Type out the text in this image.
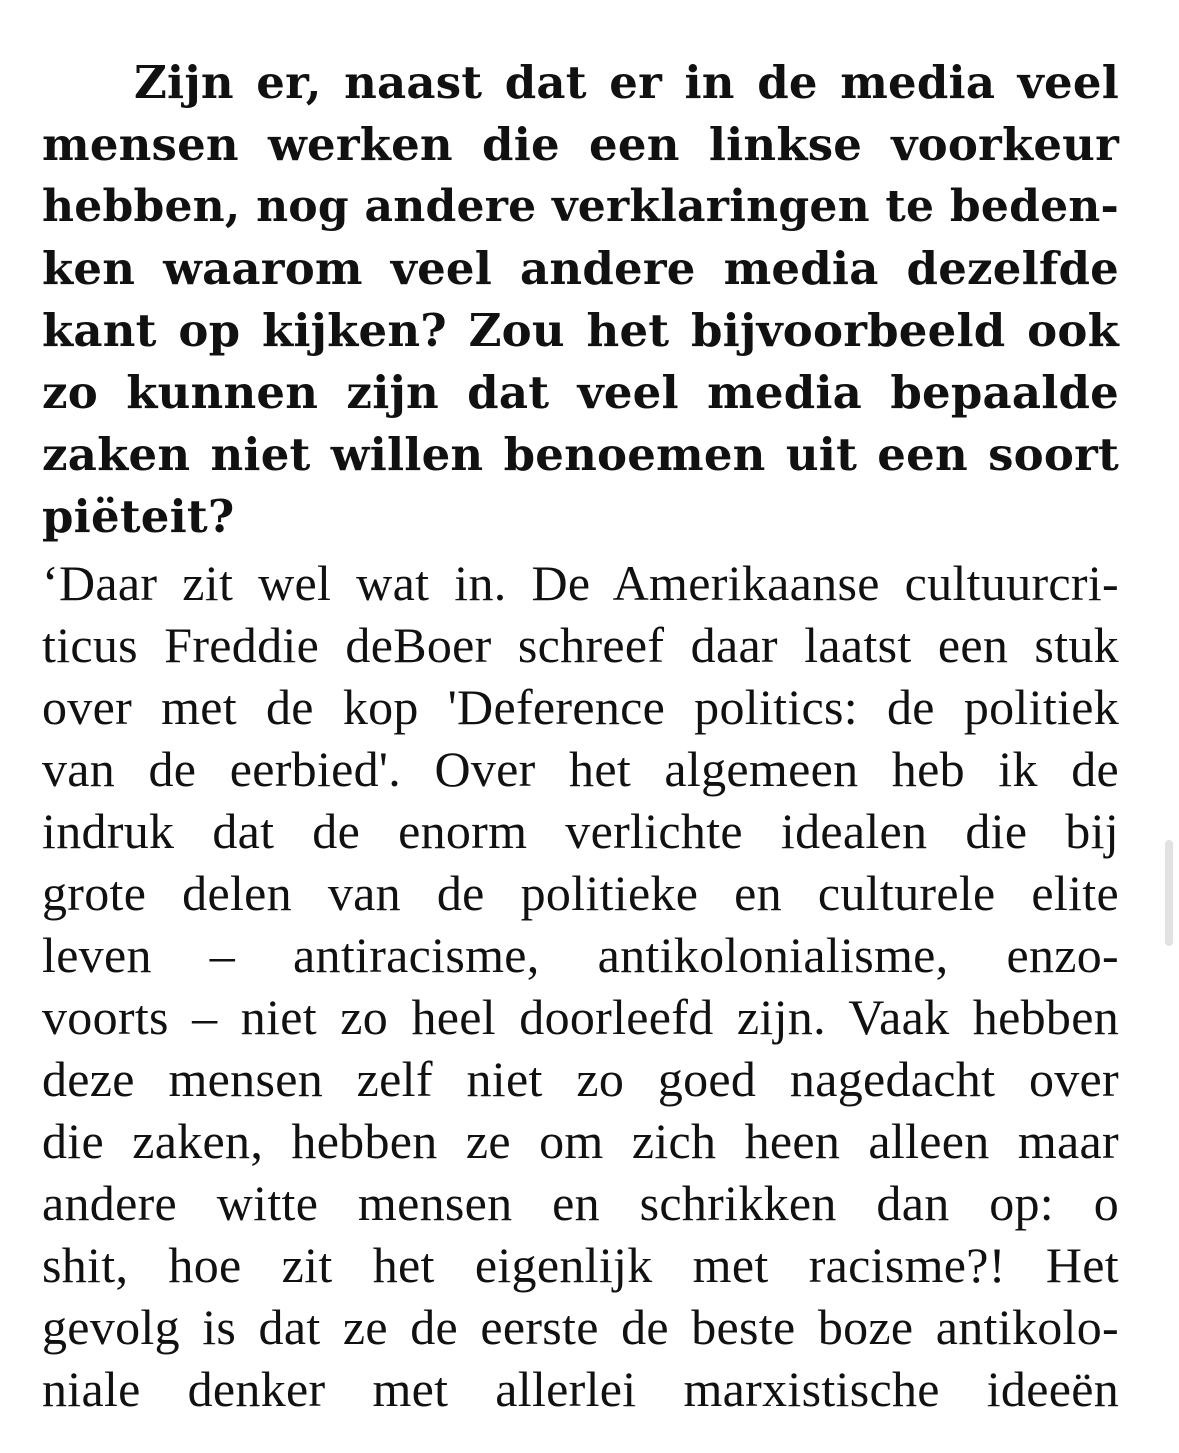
Zijn er, naast dat er in de media veel
mensen werken die een linkse voorkeur
hebben, nog andere verklaringen te beden-
ken waarom veel andere media dezelfde
kant op kijken? Zou het bijvoorbeeld ook
zo kunnen zijn dat veel media bepaalde
zaken niet willen benoemen uit een soort
piëteit?
‘Daar zit wel wat in. De Amerikaanse cultuurcri-
ticus Freddie deBoer schreef daar laatst een stuk
over met de kop 'Deference politics: de politiek
van de eerbied'. Over het algemeen heb ik de
indruk dat de enorm verlichte idealen die bij
grote delen van de politieke en culturele elite
leven – antiracisme, antikolonialisme, enzo-
voorts – niet zo heel doorleefd zijn. Vaak hebben
deze mensen zelf niet zo goed nagedacht over
die zaken, hebben ze om zich heen alleen maar
andere witte mensen en schrikken dan op: o
shit, hoe zit het eigenlijk met racisme?! Het
gevolg is dat ze de eerste de beste boze antikolo-
niale denker met allerlei marxistische ideeën
